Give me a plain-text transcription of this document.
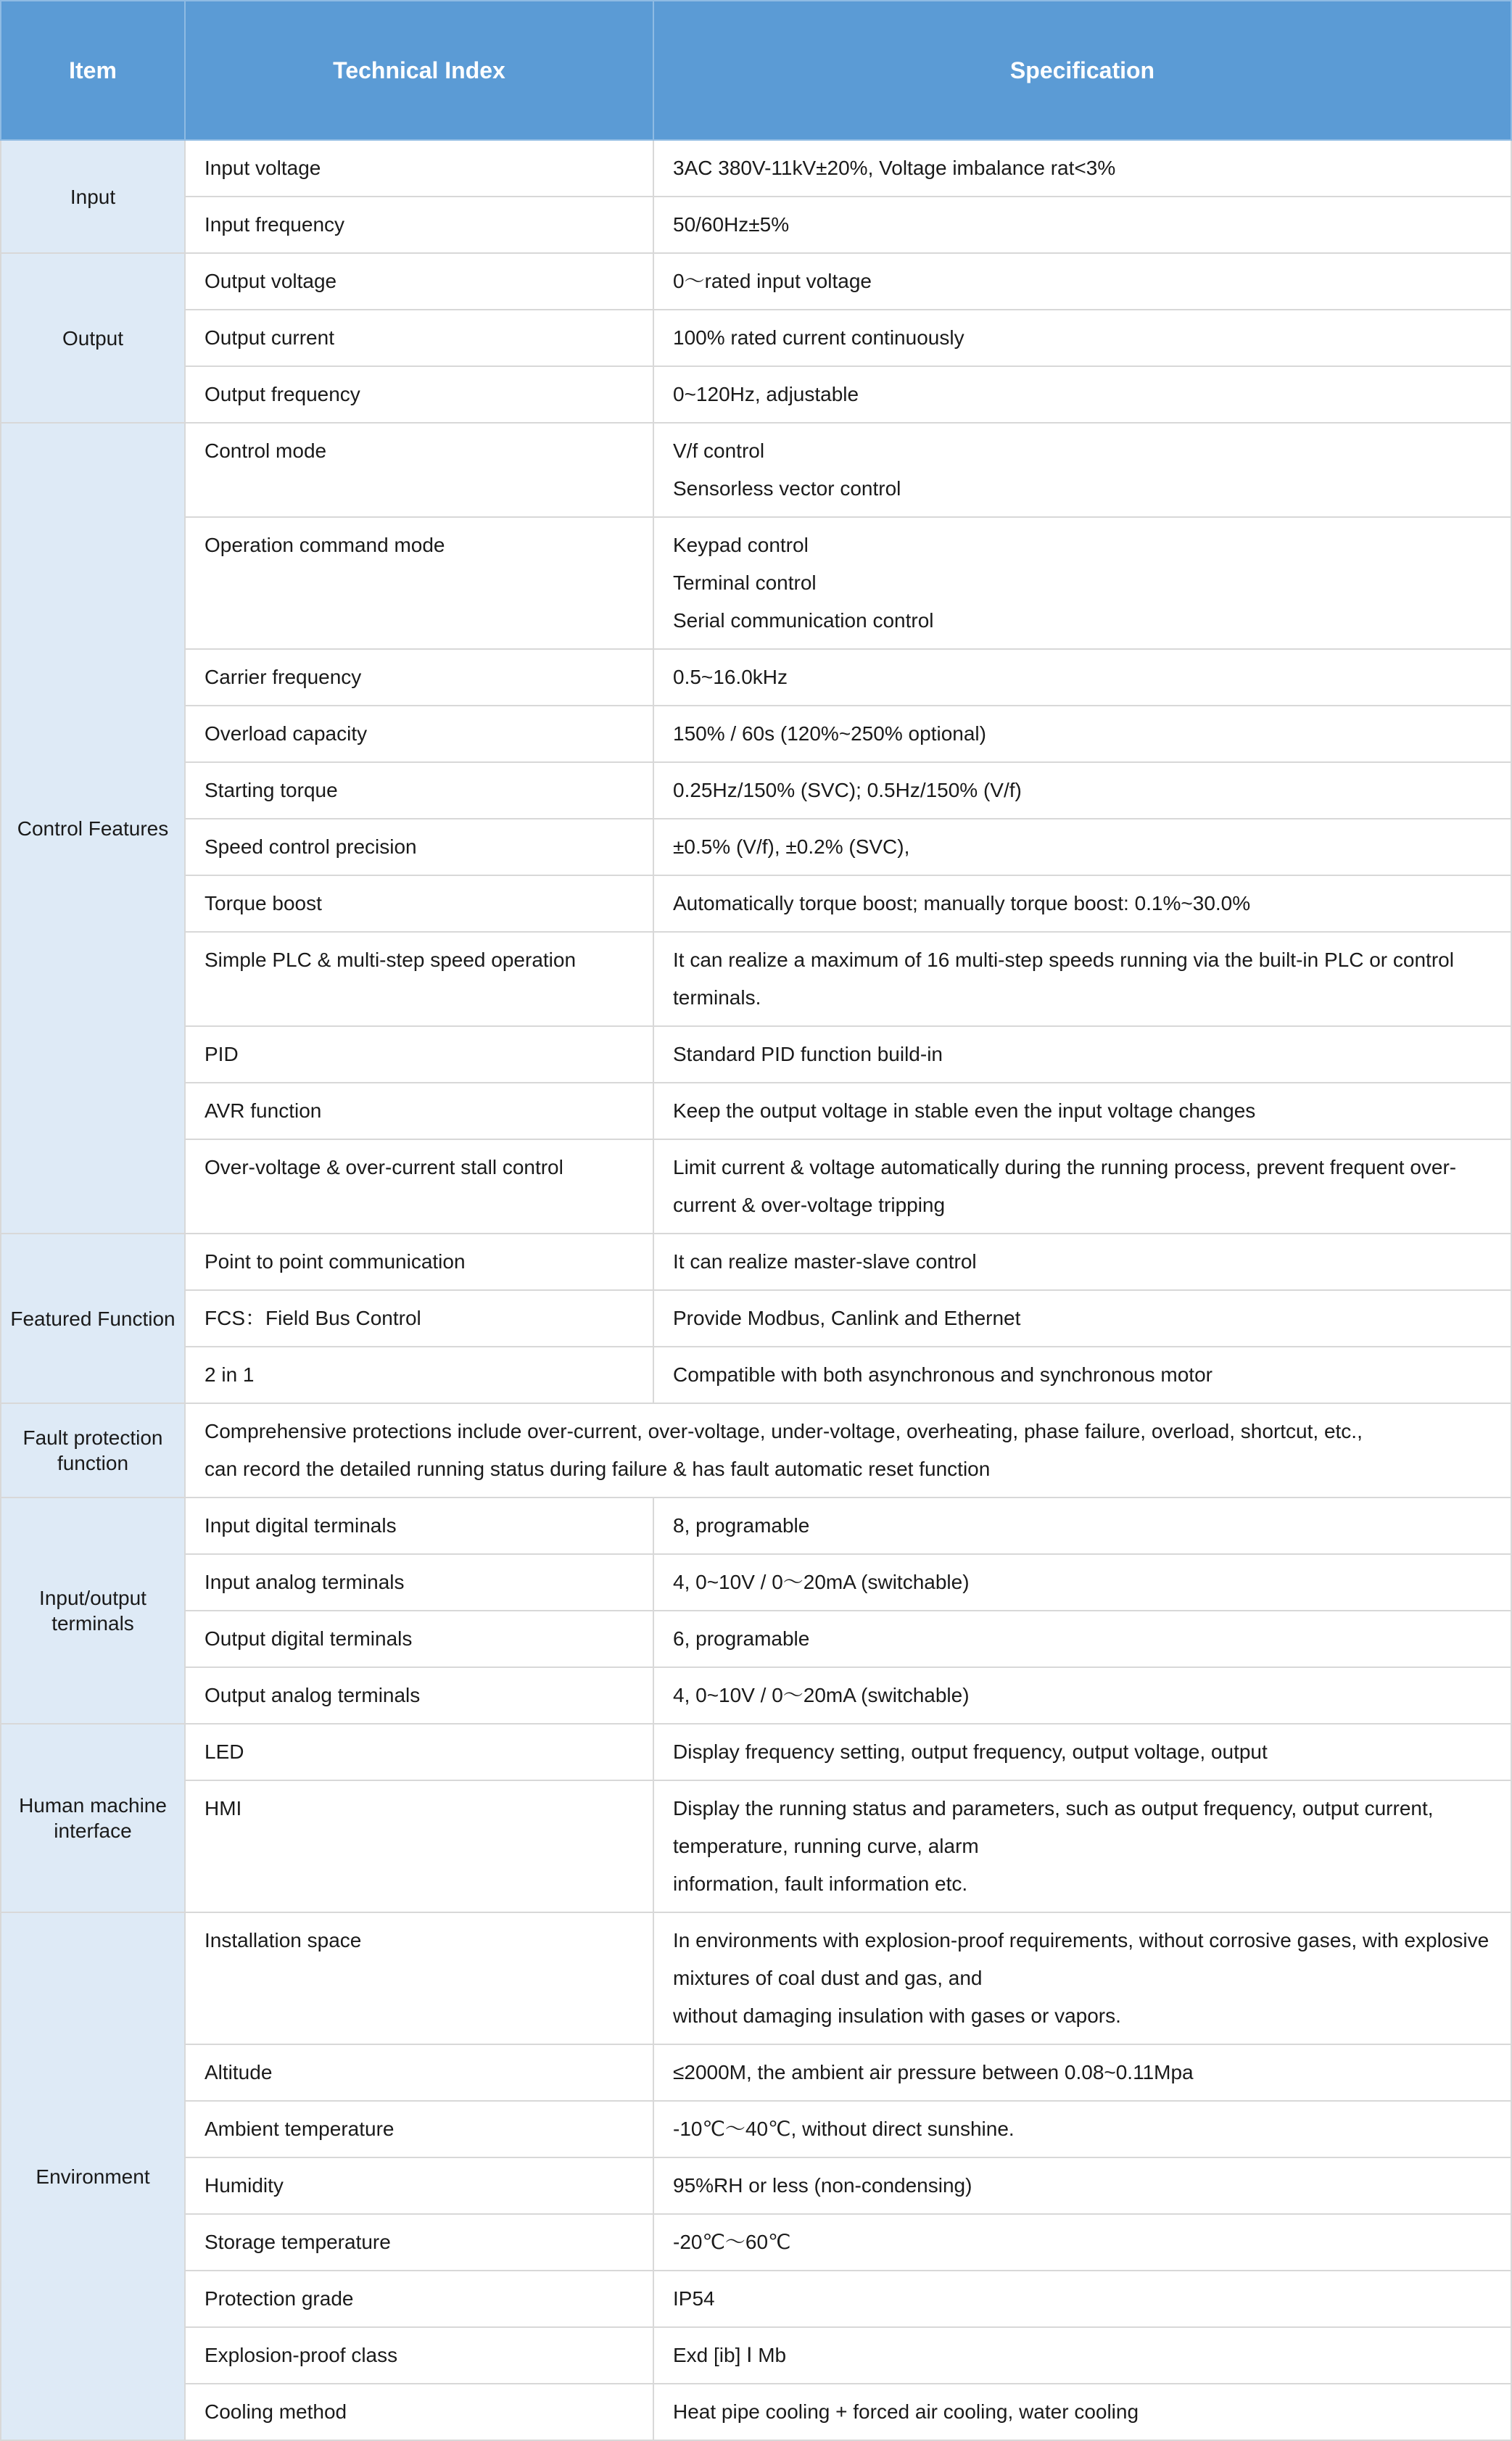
Item	Technical Index	Specification
Input	Input voltage	3AC 380V-11kV±20%, Voltage imbalance rat<3%

	Input frequency	50/60Hz±5%

Output	Output voltage	0～rated input voltage

	Output current	100% rated current continuously

	Output frequency	0~120Hz, adjustable

Control Features	Control mode	V/f control
Sensorless vector control

	Operation command mode	Keypad control
Terminal control
Serial communication control

	Carrier frequency	0.5~16.0kHz

	Overload capacity	150% / 60s (120%~250% optional)

	Starting torque	0.25Hz/150% (SVC); 0.5Hz/150% (V/f)

	Speed control precision	±0.5% (V/f), ±0.2% (SVC),

	Torque boost	Automatically torque boost; manually torque boost: 0.1%~30.0%

	Simple PLC & multi-step speed operation	It can realize a maximum of 16 multi-step speeds running via the built-in PLC or control terminals.

	PID	Standard PID function build-in

	AVR function	Keep the output voltage in stable even the input voltage changes

	Over-voltage & over-current stall control	Limit current & voltage automatically during the running process, prevent frequent over-current & over-voltage tripping

Featured Function	Point to point communication	It can realize master-slave control

	FCS：Field Bus Control	Provide Modbus, Canlink and Ethernet

	2 in 1	Compatible with both asynchronous and synchronous motor

Fault protection function	Comprehensive protections include over-current, over-voltage, under-voltage, overheating, phase failure, overload, shortcut, etc.,
can record the detailed running status during failure & has fault automatic reset function	

Input/output terminals	Input digital terminals	8, programable

	Input analog terminals	4, 0~10V / 0～20mA (switchable)

	Output digital terminals	6, programable

	Output analog terminals	4, 0~10V / 0～20mA (switchable)

Human machine interface	LED	Display frequency setting, output frequency, output voltage, output

	HMI	Display the running status and parameters, such as output frequency, output current, temperature, running curve, alarm
information, fault information etc.

Environment	Installation space	In environments with explosion-proof requirements, without corrosive gases, with explosive mixtures of coal dust and gas, and
without damaging insulation with gases or vapors.

	Altitude	≤2000M, the ambient air pressure between 0.08~0.11Mpa

	Ambient temperature	-10℃～40℃, without direct sunshine.

	Humidity	95%RH or less (non-condensing)

	Storage temperature	-20℃～60℃

	Protection grade	IP54

	Explosion-proof class	Exd [ib] Ⅰ Mb

	Cooling method	Heat pipe cooling + forced air cooling, water cooling
